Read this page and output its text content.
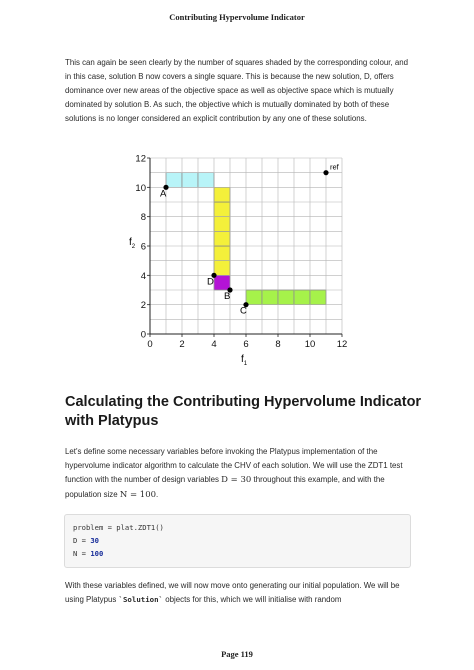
Contributing Hypervolume Indicator

This can again be seen clearly by the number of squares shaded by the corresponding colour, and in this case, solution B now covers a single square. This is because the new solution, D, offers dominance over new areas of the objective space as well as objective space which is mutually dominated by solution B. As such, the objective which is mutually dominated by both of these solutions is no longer considered an explicit contribution by any one of these solutions.

0	2	4	6	8	10 12
0
2
4
6
8
10
12
A
D
B
C
ref
$f_1$
$f_2$
Calculating the Contributing Hypervolume Indicator with Platypus

Let's define some necessary variables before invoking the Platypus implementation of the hypervolume indicator algorithm to calculate the CHV of each solution. We will use the ZDT1 test function with the number of design variables D = 30 throughout this example, and with the population size N = 100.

problem = plat.ZDT1()
D = 30
N = 100

With these variables defined, we will now move onto generating our initial population. We will be using Platypus `Solution` objects for this, which we will initialise with random

Page 119
